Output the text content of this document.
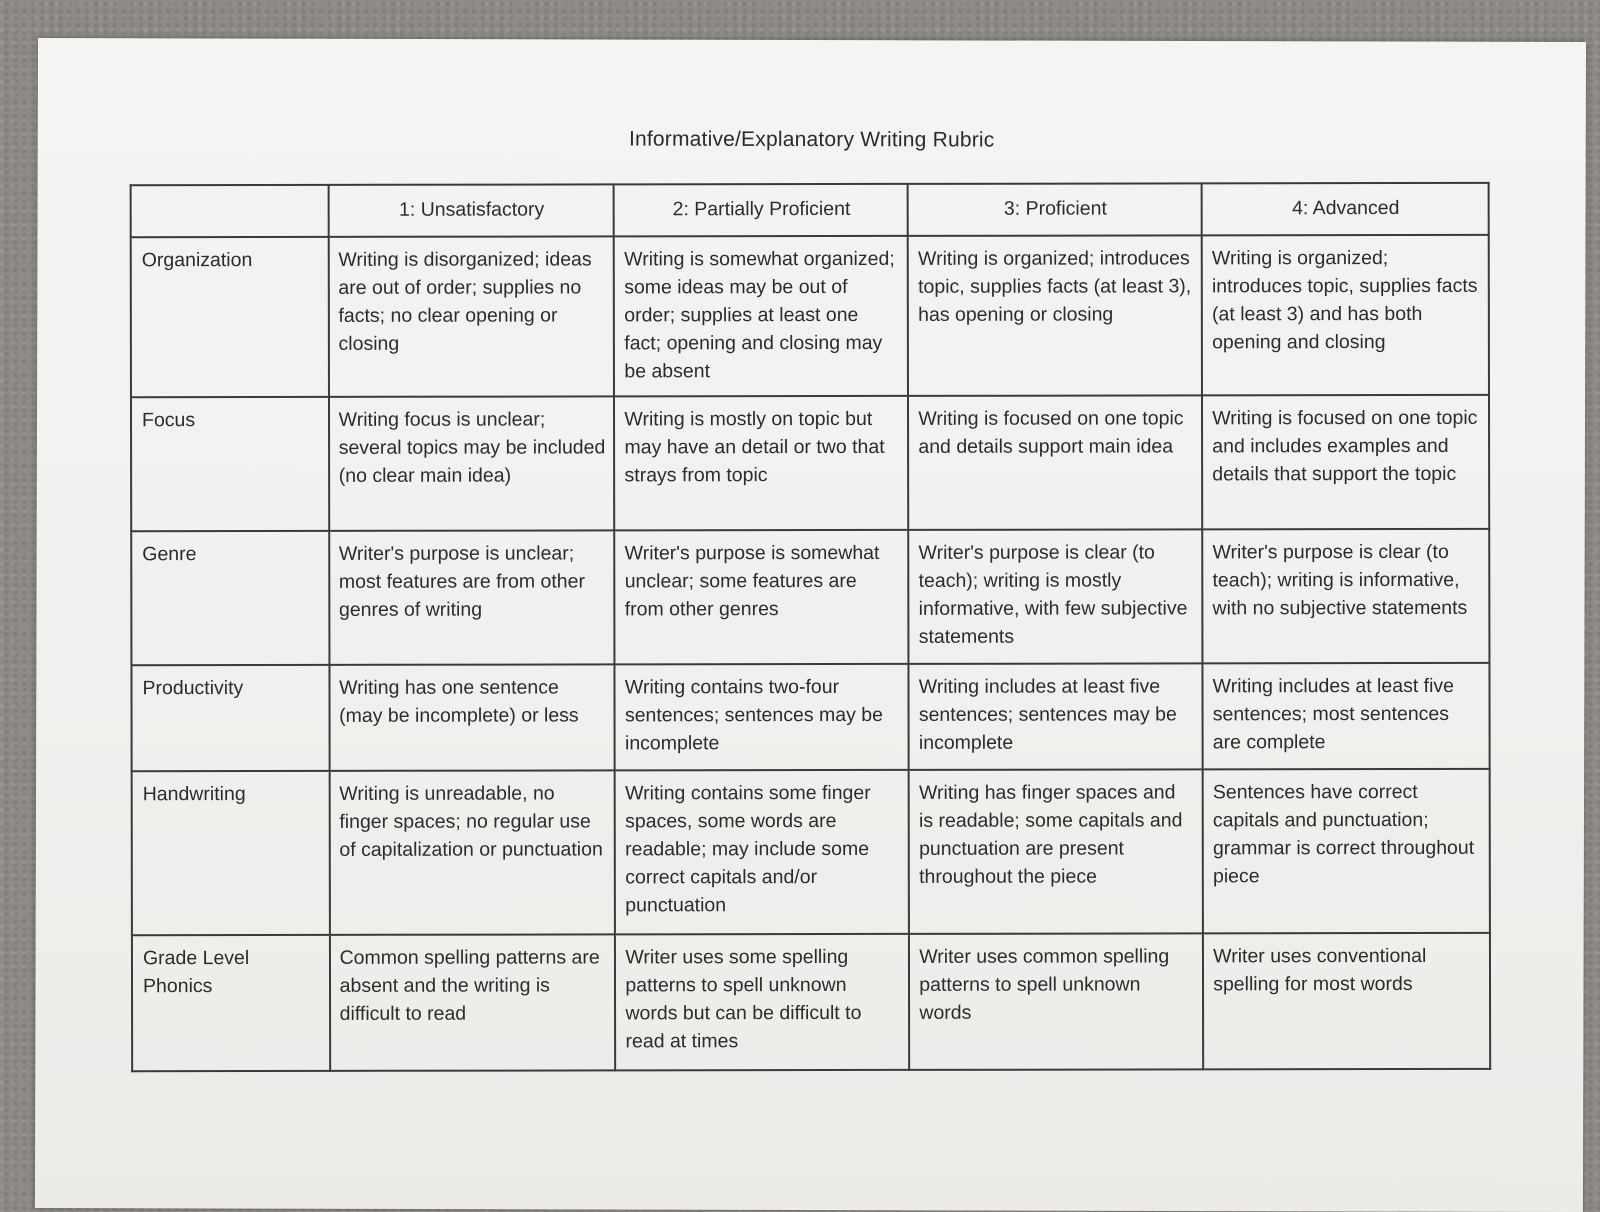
Informative/Explanatory Writing Rubric
	1: Unsatisfactory	2: Partially Proficient	3: Proficient	4: Advanced
Organization	Writing is disorganized; ideas are out of order; supplies no facts; no clear opening or closing	Writing is somewhat organized; some ideas may be out of order; supplies at least one fact; opening and closing may be absent	Writing is organized; introduces topic, supplies facts (at least 3), has opening or closing	Writing is organized; introduces topic, supplies facts (at least 3) and has both opening and closing
Focus	Writing focus is unclear; several topics may be included (no clear main idea)	Writing is mostly on topic but may have an detail or two that strays from topic	Writing is focused on one topic and details support main idea	Writing is focused on one topic and includes examples and details that support the topic
Genre	Writer's purpose is unclear; most features are from other genres of writing	Writer's purpose is somewhat unclear; some features are from other genres	Writer's purpose is clear (to teach); writing is mostly informative, with few subjective statements	Writer's purpose is clear (to teach); writing is informative, with no subjective statements
Productivity	Writing has one sentence (may be incomplete) or less	Writing contains two-four sentences; sentences may be incomplete	Writing includes at least five sentences; sentences may be incomplete	Writing includes at least five sentences; most sentences are complete
Handwriting	Writing is unreadable, no finger spaces; no regular use of capitalization or punctuation	Writing contains some finger spaces, some words are readable; may include some correct capitals and/or punctuation	Writing has finger spaces and is readable; some capitals and punctuation are present throughout the piece	Sentences have correct capitals and punctuation; grammar is correct throughout piece
Grade Level Phonics	Common spelling patterns are absent and the writing is difficult to read	Writer uses some spelling patterns to spell unknown words but can be difficult to read at times	Writer uses common spelling patterns to spell unknown words	Writer uses conventional spelling for most words
